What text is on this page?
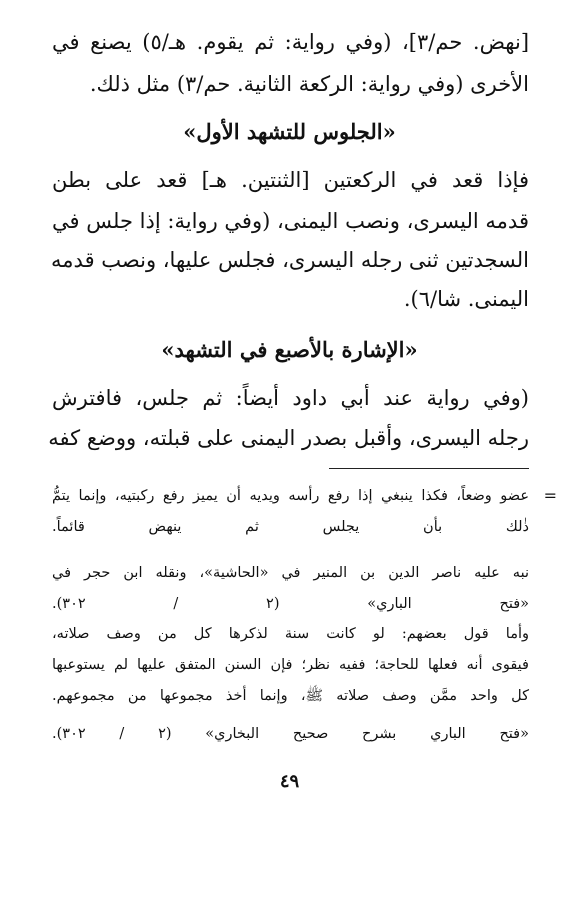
[نهض. حم/٣]، (وفي رواية: ثم يقوم. هـ/٥) يصنع في
الأخرى (وفي رواية: الركعة الثانية. حم/٣) مثل ذلك.
«الجلوس للتشهد الأول»
فإذا قعد في الركعتين [الثنتين. هـ] قعد على بطن
قدمه اليسرى، ونصب اليمنى، (وفي رواية: إذا جلس في
السجدتين ثنى رجله اليسرى، فجلس عليها، ونصب قدمه
اليمنى. شا/٦).
«الإشارة بالأصبع في التشهد»
(وفي رواية عند أبي داود أيضاً: ثم جلس، فافترش
رجله اليسرى، وأقبل بصدر اليمنى على قبلته، ووضع كفه
=
عضو وضعاً، فكذا ينبغي إذا رفع رأسه ويديه أن يميز رفع ركبتيه، وإنما يتمُّ
ذٰلك بأن يجلس ثم ينهض قائماً.
نبه عليه ناصر الدين بن المنير في «الحاشية»، ونقله ابن حجر في
«فتح الباري» (٢ / ٣٠٢).
وأما قول بعضهم: لو كانت سنة لذكرها كل من وصف صلاته،
فيقوى أنه فعلها للحاجة؛ ففيه نظر؛ فإن السنن المتفق عليها لم يستوعبها
كل واحد ممَّن وصف صلاته ﷺ، وإنما أخذ مجموعها من مجموعهم.
«فتح الباري بشرح صحيح البخاري» (٢ / ٣٠٢).
٤٩
